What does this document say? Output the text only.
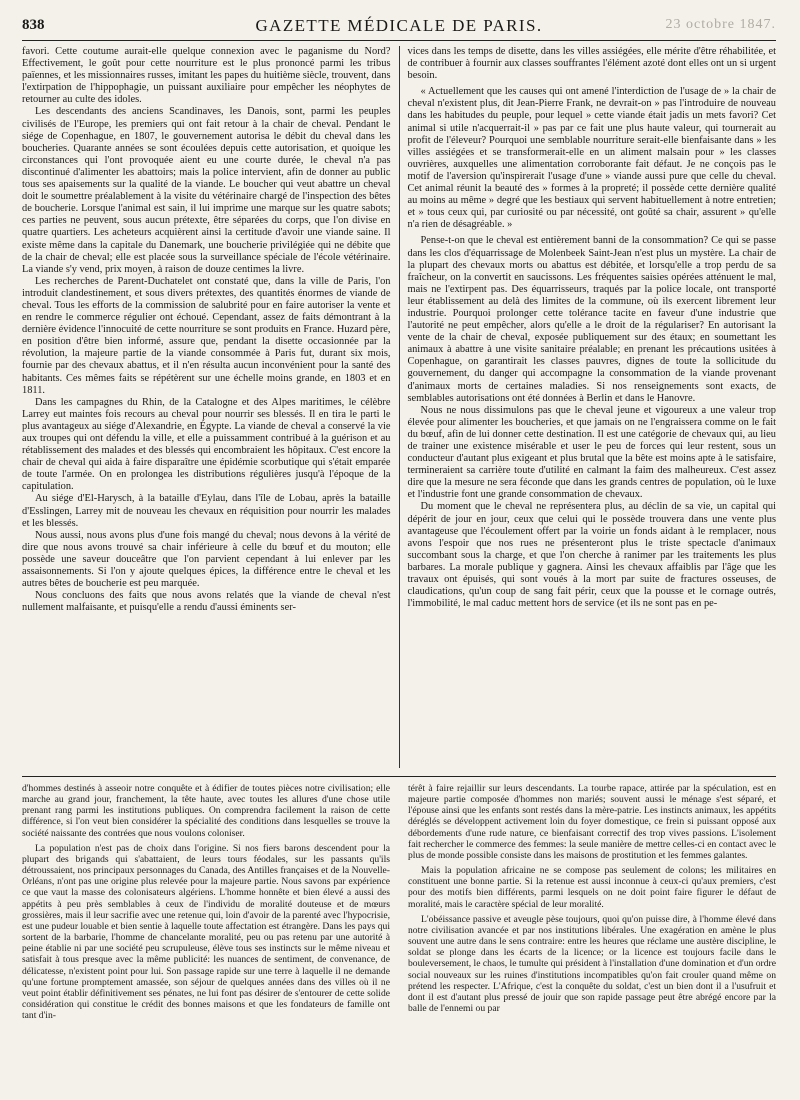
838	GAZETTE MÉDICALE DE PARIS.	23 octobre 1847.

favori. Cette coutume aurait-elle quelque connexion avec le paganisme du Nord? Effectivement, le goût pour cette nourriture est le plus prononcé parmi les tribus païennes, et les missionnaires russes, imitant les papes du huitième siècle, trouvent, dans l'extirpation de l'hippophagie, un puissant auxiliaire pour empêcher les néophytes de retourner au culte des idoles.

Les descendants des anciens Scandinaves, les Danois, sont, parmi les peuples civilisés de l'Europe, les premiers qui ont fait retour à la chair de cheval. Pendant le siége de Copenhague, en 1807, le gouvernement autorisa le débit du cheval dans les boucheries. Quarante années se sont écoulées depuis cette autorisation, et quoique les circonstances qui l'ont provoquée aient eu une courte durée, le cheval n'a pas discontinué d'alimenter les abattoirs; mais la police intervient, afin de donner au public tous ses apaisements sur la qualité de la viande. Le boucher qui veut abattre un cheval doit le soumettre préalablement à la visite du vétérinaire chargé de l'inspection des bêtes de boucherie. Lorsque l'animal est sain, il lui imprime une marque sur les quatre sabots; ces parties ne peuvent, sous aucun prétexte, être séparées du corps, que l'on divise en quatre quartiers. Les acheteurs acquièrent ainsi la certitude d'avoir une viande saine. Il existe même dans la capitale du Danemark, une boucherie privilégiée qui ne débite que de la chair de cheval; elle est placée sous la surveillance spéciale de l'école vétérinaire. La viande s'y vend, prix moyen, à raison de douze centimes la livre.

Les recherches de Parent-Duchatelet ont constaté que, dans la ville de Paris, l'on introduit clandestinement, et sous divers prétextes, des quantités énormes de viande de cheval. Tous les efforts de la commission de salubrité pour en faire autoriser la vente et en rendre le commerce régulier ont échoué. Cependant, assez de faits démontrant à la dernière évidence l'innocuité de cette nourriture se sont produits en France. Huzard père, en position d'être bien informé, assure que, pendant la disette occasionnée par la révolution, la majeure partie de la viande consommée à Paris fut, durant six mois, fournie par des chevaux abattus, et il n'en résulta aucun inconvénient pour la santé des habitants. Ces mêmes faits se répétèrent sur une échelle moins grande, en 1803 et en 1811.

Dans les campagnes du Rhin, de la Catalogne et des Alpes maritimes, le célèbre Larrey eut maintes fois recours au cheval pour nourrir ses blessés. Il en tira le parti le plus avantageux au siége d'Alexandrie, en Égypte. La viande de cheval a conservé la vie aux troupes qui ont défendu la ville, et elle a puissamment contribué à la guérison et au rétablissement des malades et des blessés qui encombraient les hôpitaux. C'est encore la chair de cheval qui aida à faire disparaître une épidémie scorbutique qui s'était emparée de toute l'armée. On en prolongea les distributions régulières jusqu'à l'époque de la capitulation.

Au siége d'El-Harysch, à la bataille d'Eylau, dans l'île de Lobau, après la bataille d'Esslingen, Larrey mit de nouveau les chevaux en réquisition pour nourrir les malades et les blessés.

Nous aussi, nous avons plus d'une fois mangé du cheval; nous devons à la vérité de dire que nous avons trouvé sa chair inférieure à celle du bœuf et du mouton; elle possède une saveur douceâtre que l'on parvient cependant à lui enlever par les assaisonnements. Si l'on y ajoute quelques épices, la différence entre le cheval et les autres bêtes de boucherie est peu marquée.

Nous concluons des faits que nous avons relatés que la viande de cheval n'est nullement malfaisante, et puisqu'elle a rendu d'aussi éminents ser-

vices dans les temps de disette, dans les villes assiégées, elle mérite d'être réhabilitée, et de contribuer à fournir aux classes souffrantes l'élément azoté dont elles ont un si urgent besoin.

« Actuellement que les causes qui ont amené l'interdiction de l'usage de » la chair de cheval n'existent plus, dit Jean-Pierre Frank, ne devrait-on » pas l'introduire de nouveau dans les habitudes du peuple, pour lequel » cette viande était jadis un mets favori? Cet animal si utile n'acquerrait-il » pas par ce fait une plus haute valeur, qui tournerait au profit de l'éleveur? Pourquoi une semblable nourriture serait-elle bienfaisante dans » les villes assiégées et se transformerait-elle en un aliment malsain pour » les classes ouvrières, auxquelles une alimentation corroborante fait défaut. Je ne conçois pas le motif de l'aversion qu'inspirerait l'usage d'une » viande aussi pure que celle du cheval. Cet animal réunit la beauté des » formes à la propreté; il possède cette dernière qualité au moins au même » degré que les bestiaux qui servent habituellement à notre entretien; et » tous ceux qui, par curiosité ou par nécessité, ont goûté sa chair, assurent » qu'elle n'a rien de désagréable. »

Pense-t-on que le cheval est entièrement banni de la consommation? Ce qui se passe dans les clos d'équarrissage de Molenbeek Saint-Jean n'est plus un mystère. La chair de la plupart des chevaux morts ou abattus est débitée, et lorsqu'elle a trop perdu de sa fraîcheur, on la convertit en saucissons. Les fréquentes saisies opérées atténuent le mal, mais ne l'extirpent pas. Des équarrisseurs, traqués par la police locale, ont transporté leur établissement au delà des limites de la commune, où ils exercent librement leur industrie. Pourquoi prolonger cette tolérance tacite en faveur d'une industrie que l'autorité ne peut empêcher, alors qu'elle a le droit de la régulariser? En autorisant la vente de la chair de cheval, exposée publiquement sur des étaux; en soumettant les animaux à abattre à une visite sanitaire préalable; en prenant les précautions usitées à Copenhague, on garantirait les classes pauvres, dignes de toute la sollicitude du gouvernement, du danger qui accompagne la consommation de la viande provenant d'animaux morts de certaines maladies. Si nos renseignements sont exacts, de semblables autorisations ont été données à Berlin et dans le Hanovre.

Nous ne nous dissimulons pas que le cheval jeune et vigoureux a une valeur trop élevée pour alimenter les boucheries, et que jamais on ne l'engraissera comme on le fait du bœuf, afin de lui donner cette destination. Il est une catégorie de chevaux qui, au lieu de trainer une existence misérable et user le peu de forces qui leur restent, sous un conducteur d'autant plus exigeant et plus brutal que la bête est moins apte à le satisfaire, termineraient sa carrière toute d'utilité en calmant la faim des malheureux. C'est assez dire que la mesure ne sera féconde que dans les grands centres de population, où le luxe et l'industrie font une grande consommation de chevaux.

Du moment que le cheval ne représentera plus, au déclin de sa vie, un capital qui dépérit de jour en jour, ceux que celui qui le possède trouvera dans une vente plus avantageuse que l'écoulement offert par la voirie un fonds aidant à le remplacer, nous avons l'espoir que nos rues ne présenteront plus le triste spectacle d'animaux succombant sous la charge, et que l'on cherche à ranimer par les traitements les plus barbares. La morale publique y gagnera. Ainsi les chevaux affaiblis par l'âge que les travaux ont épuisés, qui sont voués à la mort par suite de fractures osseuses, de claudications, qu'un coup de sang fait périr, ceux que la pousse et le cornage outrés, l'immobilité, le mal caduc mettent hors de service (et ils ne sont pas en pe-

d'hommes destinés à asseoir notre conquête et à édifier de toutes pièces notre civilisation; elle marche au grand jour, franchement, la tête haute, avec toutes les allures d'une chose utile prenant rang parmi les institutions publiques. On comprendra facilement la raison de cette différence, si l'on veut bien considérer la spécialité des conditions dans lesquelles se trouve la société naissante des contrées que nous voulons coloniser.

La population n'est pas de choix dans l'origine. Si nos fiers barons descendent pour la plupart des brigands qui s'abattaient, de leurs tours féodales, sur les passants qu'ils détroussaient, nos principaux personnages du Canada, des Antilles françaises et de la Nouvelle-Orléans, n'ont pas une origine plus relevée pour la majeure partie. Nous savons par expérience ce que vaut la masse des colonisateurs algériens. L'homme honnête et bien élevé a aussi des appétits à peu près semblables à ceux de l'individu de moralité douteuse et de mœurs grossières, mais il leur sacrifie avec une retenue qui, loin d'avoir de la parenté avec l'hypocrisie, est une pudeur louable et bien sentie à laquelle toute affectation est étrangère. Dans les pays qui sortent de la barbarie, l'homme de chancelante moralité, peu ou pas retenu par une autorité à peine établie ni par une société peu scrupuleuse, élève tous ses instincts sur le même niveau et satisfait à tous presque avec la même publicité: les nuances de sentiment, de convenance, de délicatesse, n'existent point pour lui. Son passage rapide sur une terre à laquelle il ne demande qu'une fortune promptement amassée, son séjour de quelques années dans des villes où il ne veut point établir définitivement ses pénates, ne lui font pas désirer de s'entourer de cette solide considération qui constitue le crédit des bonnes maisons et que les fondateurs de famille ont tant d'in-

térêt à faire rejaillir sur leurs descendants. La tourbe rapace, attirée par la spéculation, est en majeure partie composée d'hommes non mariés; souvent aussi le ménage s'est séparé, et l'épouse ainsi que les enfants sont restés dans la mère-patrie. Les instincts animaux, les appétits déréglés se développent activement loin du foyer domestique, ce frein si puissant opposé aux débordements d'une rude nature, ce bienfaisant correctif des trop vives passions. L'isolement fait rechercher le commerce des femmes: la seule manière de mettre celles-ci en contact avec le plus de monde possible consiste dans les maisons de prostitution et les femmes galantes.

Mais la population africaine ne se compose pas seulement de colons; les militaires en constituent une bonne partie. Si la retenue est aussi inconnue à ceux-ci qu'aux premiers, c'est pour des motifs bien différents, parmi lesquels on ne doit point faire figurer le défaut de moralité, mais le caractère spécial de leur moralité.

L'obéissance passive et aveugle pèse toujours, quoi qu'on puisse dire, à l'homme élevé dans notre civilisation avancée et par nos institutions libérales. Une exagération en amène le plus souvent une autre dans le sens contraire: entre les heures que réclame une austère discipline, le soldat se plonge dans les écarts de la licence; or la licence est toujours facile dans le bouleversement, le chaos, le tumulte qui président à l'installation d'une domination et d'un ordre social nouveaux sur les ruines d'institutions incompatibles qu'on fait crouler quand même on prétend les respecter. L'Afrique, c'est la conquête du soldat, c'est un bien dont il a l'usufruit et dont il est d'autant plus pressé de jouir que son rapide passage peut être abrégé encore par la balle de l'ennemi ou par
